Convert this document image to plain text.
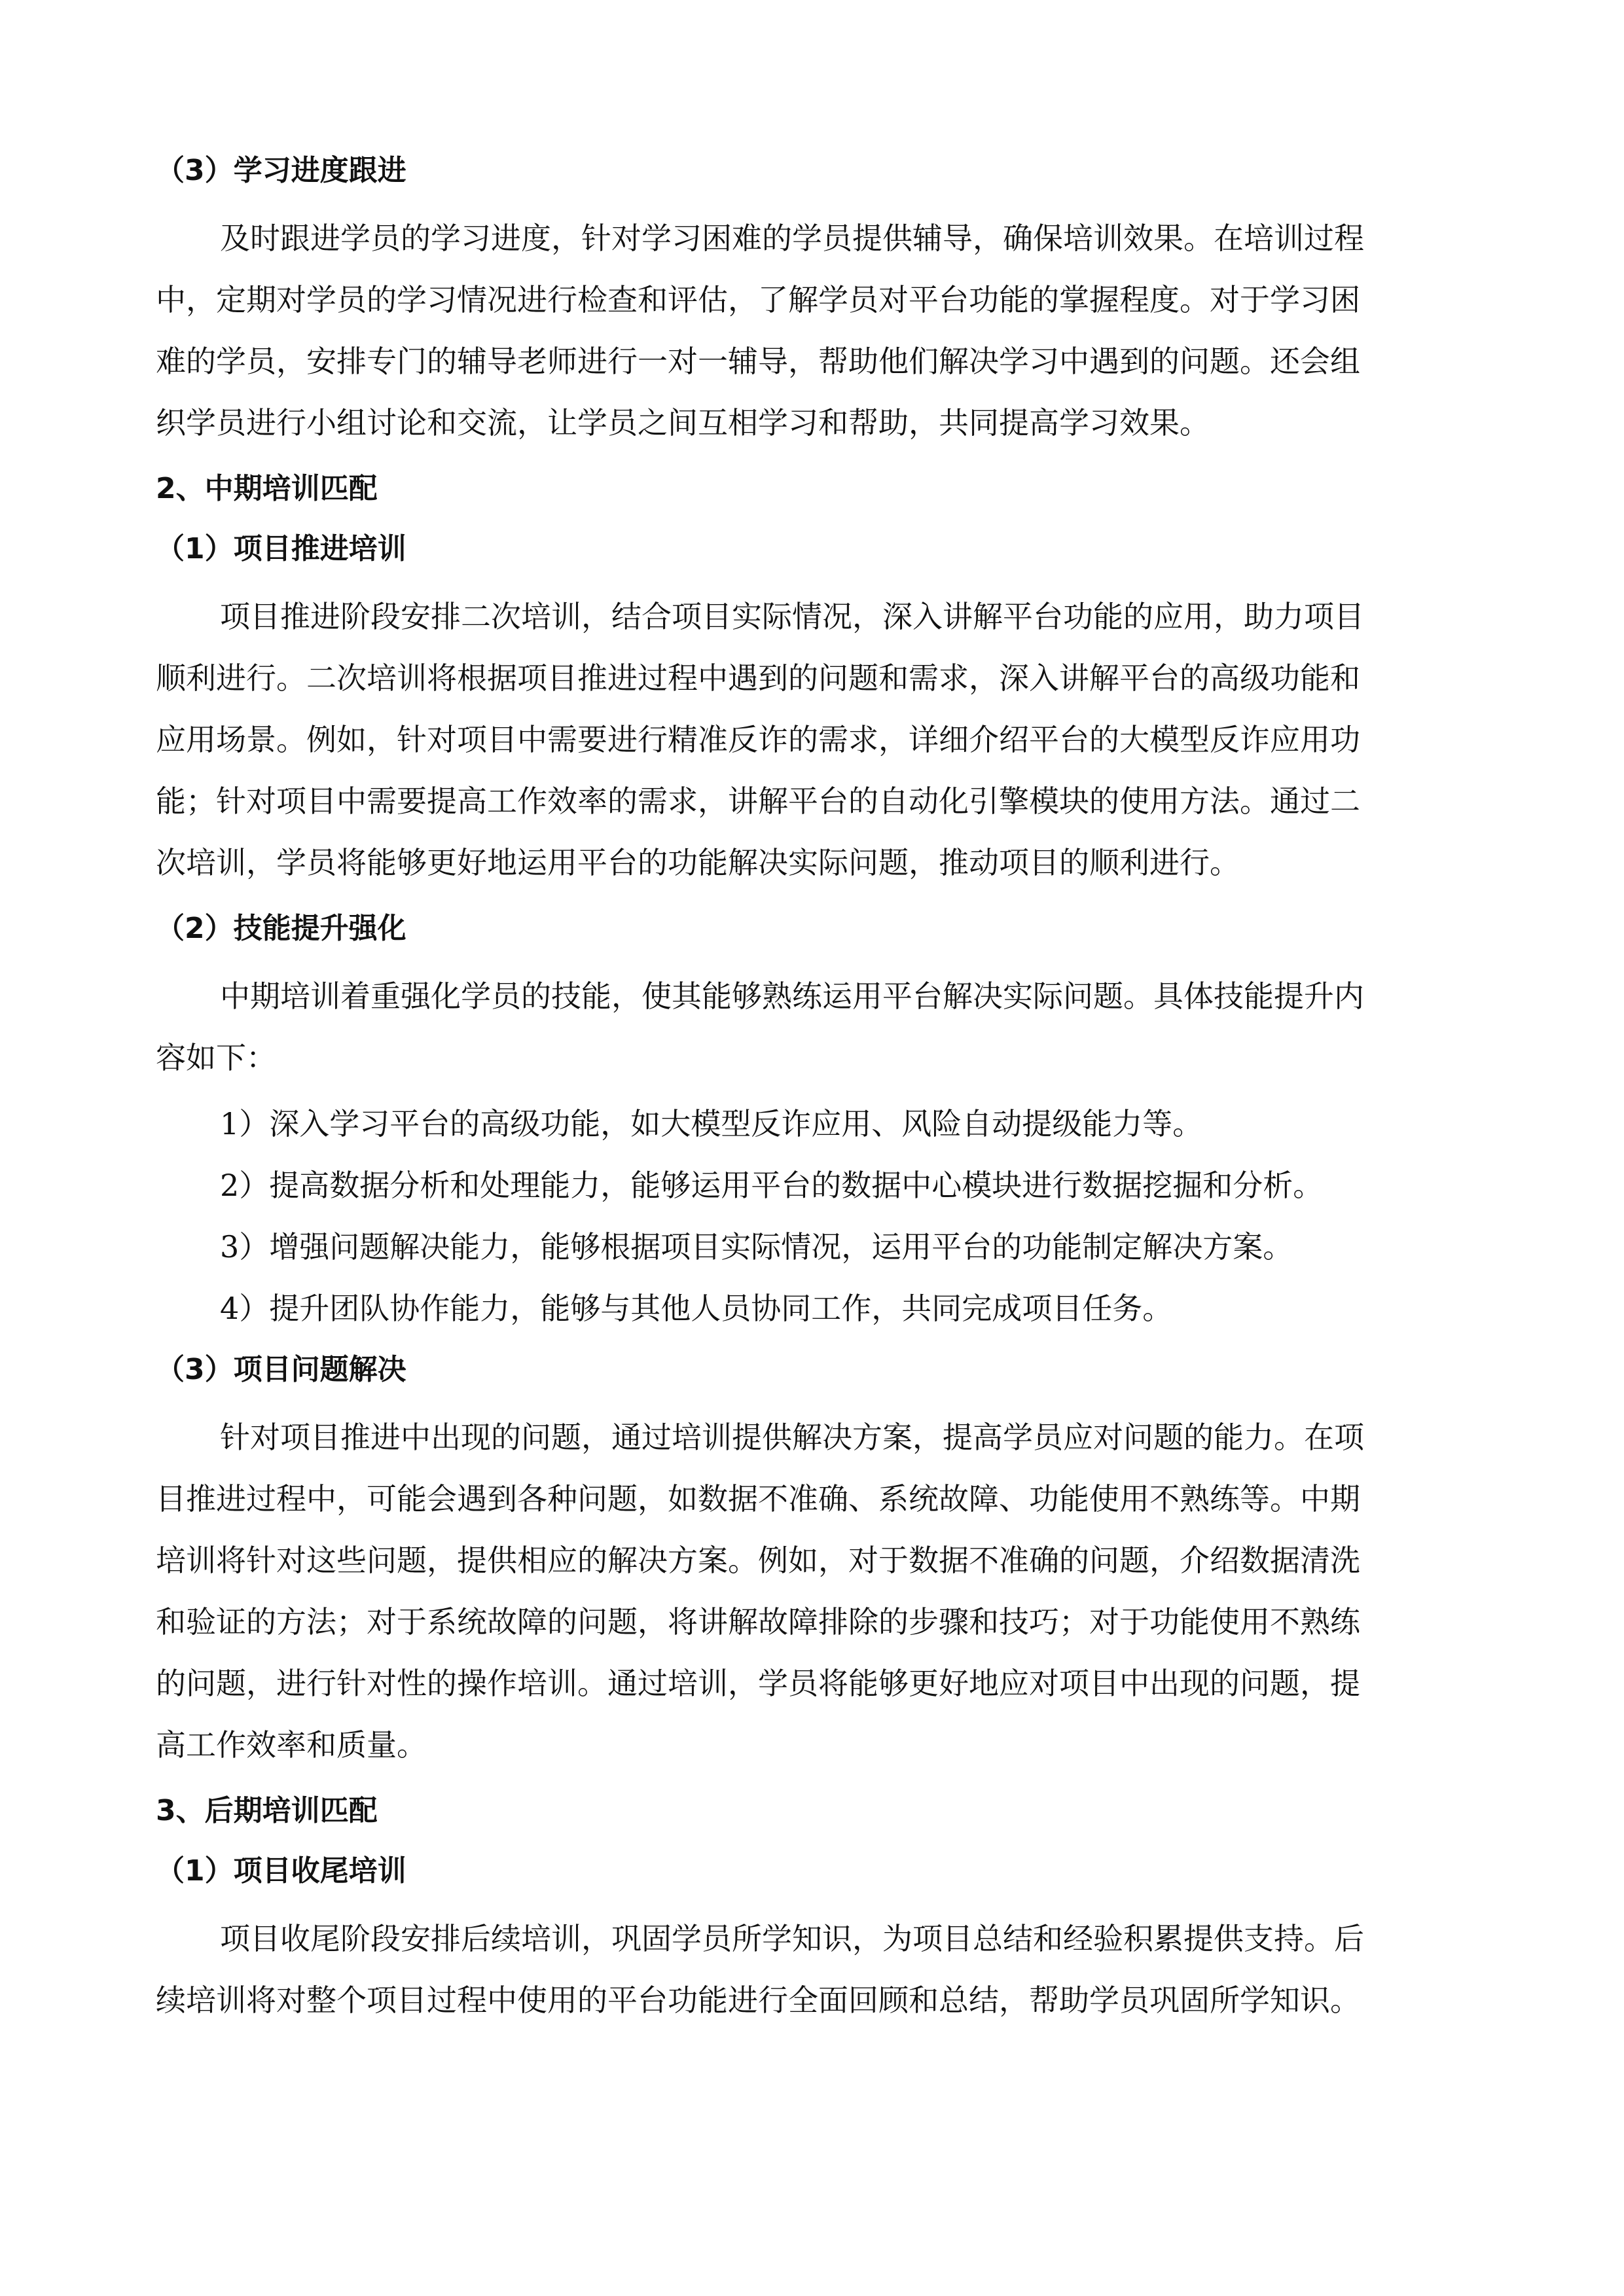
（3）学习进度跟进
及时跟进学员的学习进度，针对学习困难的学员提供辅导，确保培训效果。在培训过程
中，定期对学员的学习情况进行检查和评估，了解学员对平台功能的掌握程度。对于学习困
难的学员，安排专门的辅导老师进行一对一辅导，帮助他们解决学习中遇到的问题。还会组
织学员进行小组讨论和交流，让学员之间互相学习和帮助，共同提高学习效果。
2、中期培训匹配
（1）项目推进培训
项目推进阶段安排二次培训，结合项目实际情况，深入讲解平台功能的应用，助力项目
顺利进行。二次培训将根据项目推进过程中遇到的问题和需求，深入讲解平台的高级功能和
应用场景。例如，针对项目中需要进行精准反诈的需求，详细介绍平台的大模型反诈应用功
能；针对项目中需要提高工作效率的需求，讲解平台的自动化引擎模块的使用方法。通过二
次培训，学员将能够更好地运用平台的功能解决实际问题，推动项目的顺利进行。
（2）技能提升强化
中期培训着重强化学员的技能，使其能够熟练运用平台解决实际问题。具体技能提升内
容如下：
1）深入学习平台的高级功能，如大模型反诈应用、风险自动提级能力等。
2）提高数据分析和处理能力，能够运用平台的数据中心模块进行数据挖掘和分析。
3）增强问题解决能力，能够根据项目实际情况，运用平台的功能制定解决方案。
4）提升团队协作能力，能够与其他人员协同工作，共同完成项目任务。
（3）项目问题解决
针对项目推进中出现的问题，通过培训提供解决方案，提高学员应对问题的能力。在项
目推进过程中，可能会遇到各种问题，如数据不准确、系统故障、功能使用不熟练等。中期
培训将针对这些问题，提供相应的解决方案。例如，对于数据不准确的问题，介绍数据清洗
和验证的方法；对于系统故障的问题，将讲解故障排除的步骤和技巧；对于功能使用不熟练
的问题，进行针对性的操作培训。通过培训，学员将能够更好地应对项目中出现的问题，提
高工作效率和质量。
3、后期培训匹配
（1）项目收尾培训
项目收尾阶段安排后续培训，巩固学员所学知识，为项目总结和经验积累提供支持。后
续培训将对整个项目过程中使用的平台功能进行全面回顾和总结，帮助学员巩固所学知识。
